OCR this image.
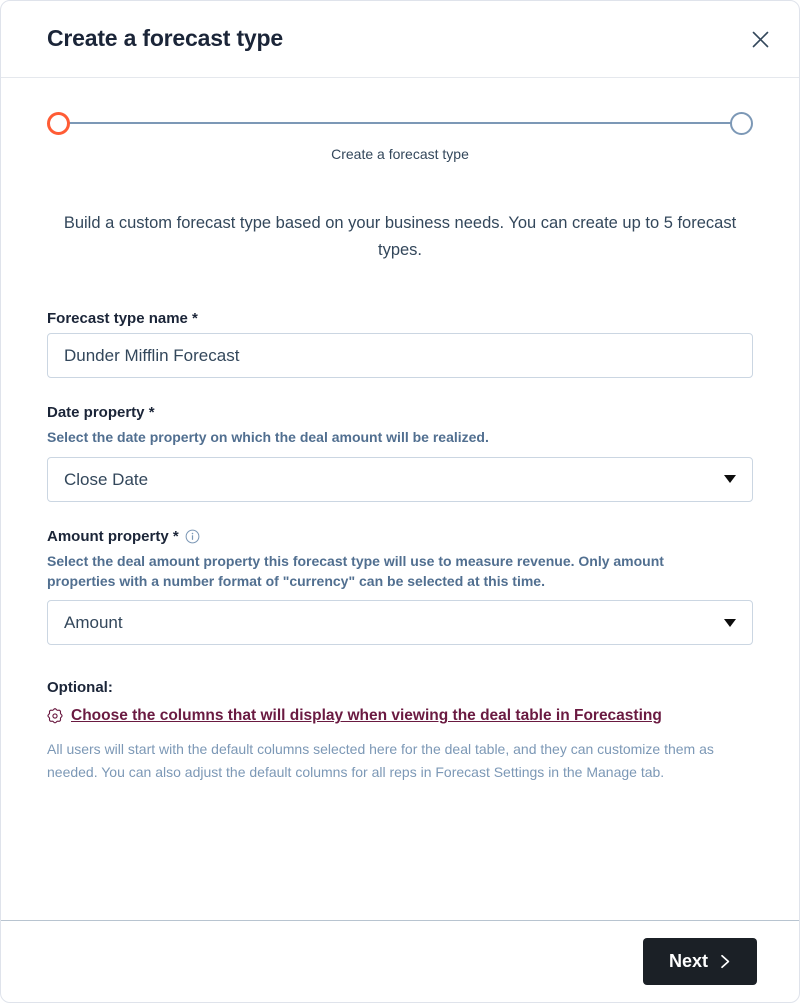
Create a forecast type
Create a forecast type

Build a custom forecast type based on your business needs. You can create up to 5 forecast types.

Forecast type name *
Dunder Mifflin Forecast
Date property *
Select the date property on which the deal amount will be realized.
Close Date
Amount property *
Select the deal amount property this forecast type will use to measure revenue. Only amount properties with a number format of "currency" can be selected at this time.
Amount
Optional:
Choose the columns that will display when viewing the deal table in Forecasting
All users will start with the default columns selected here for the deal table, and they can customize them as needed. You can also adjust the default columns for all reps in Forecast Settings in the Manage tab.
Next
